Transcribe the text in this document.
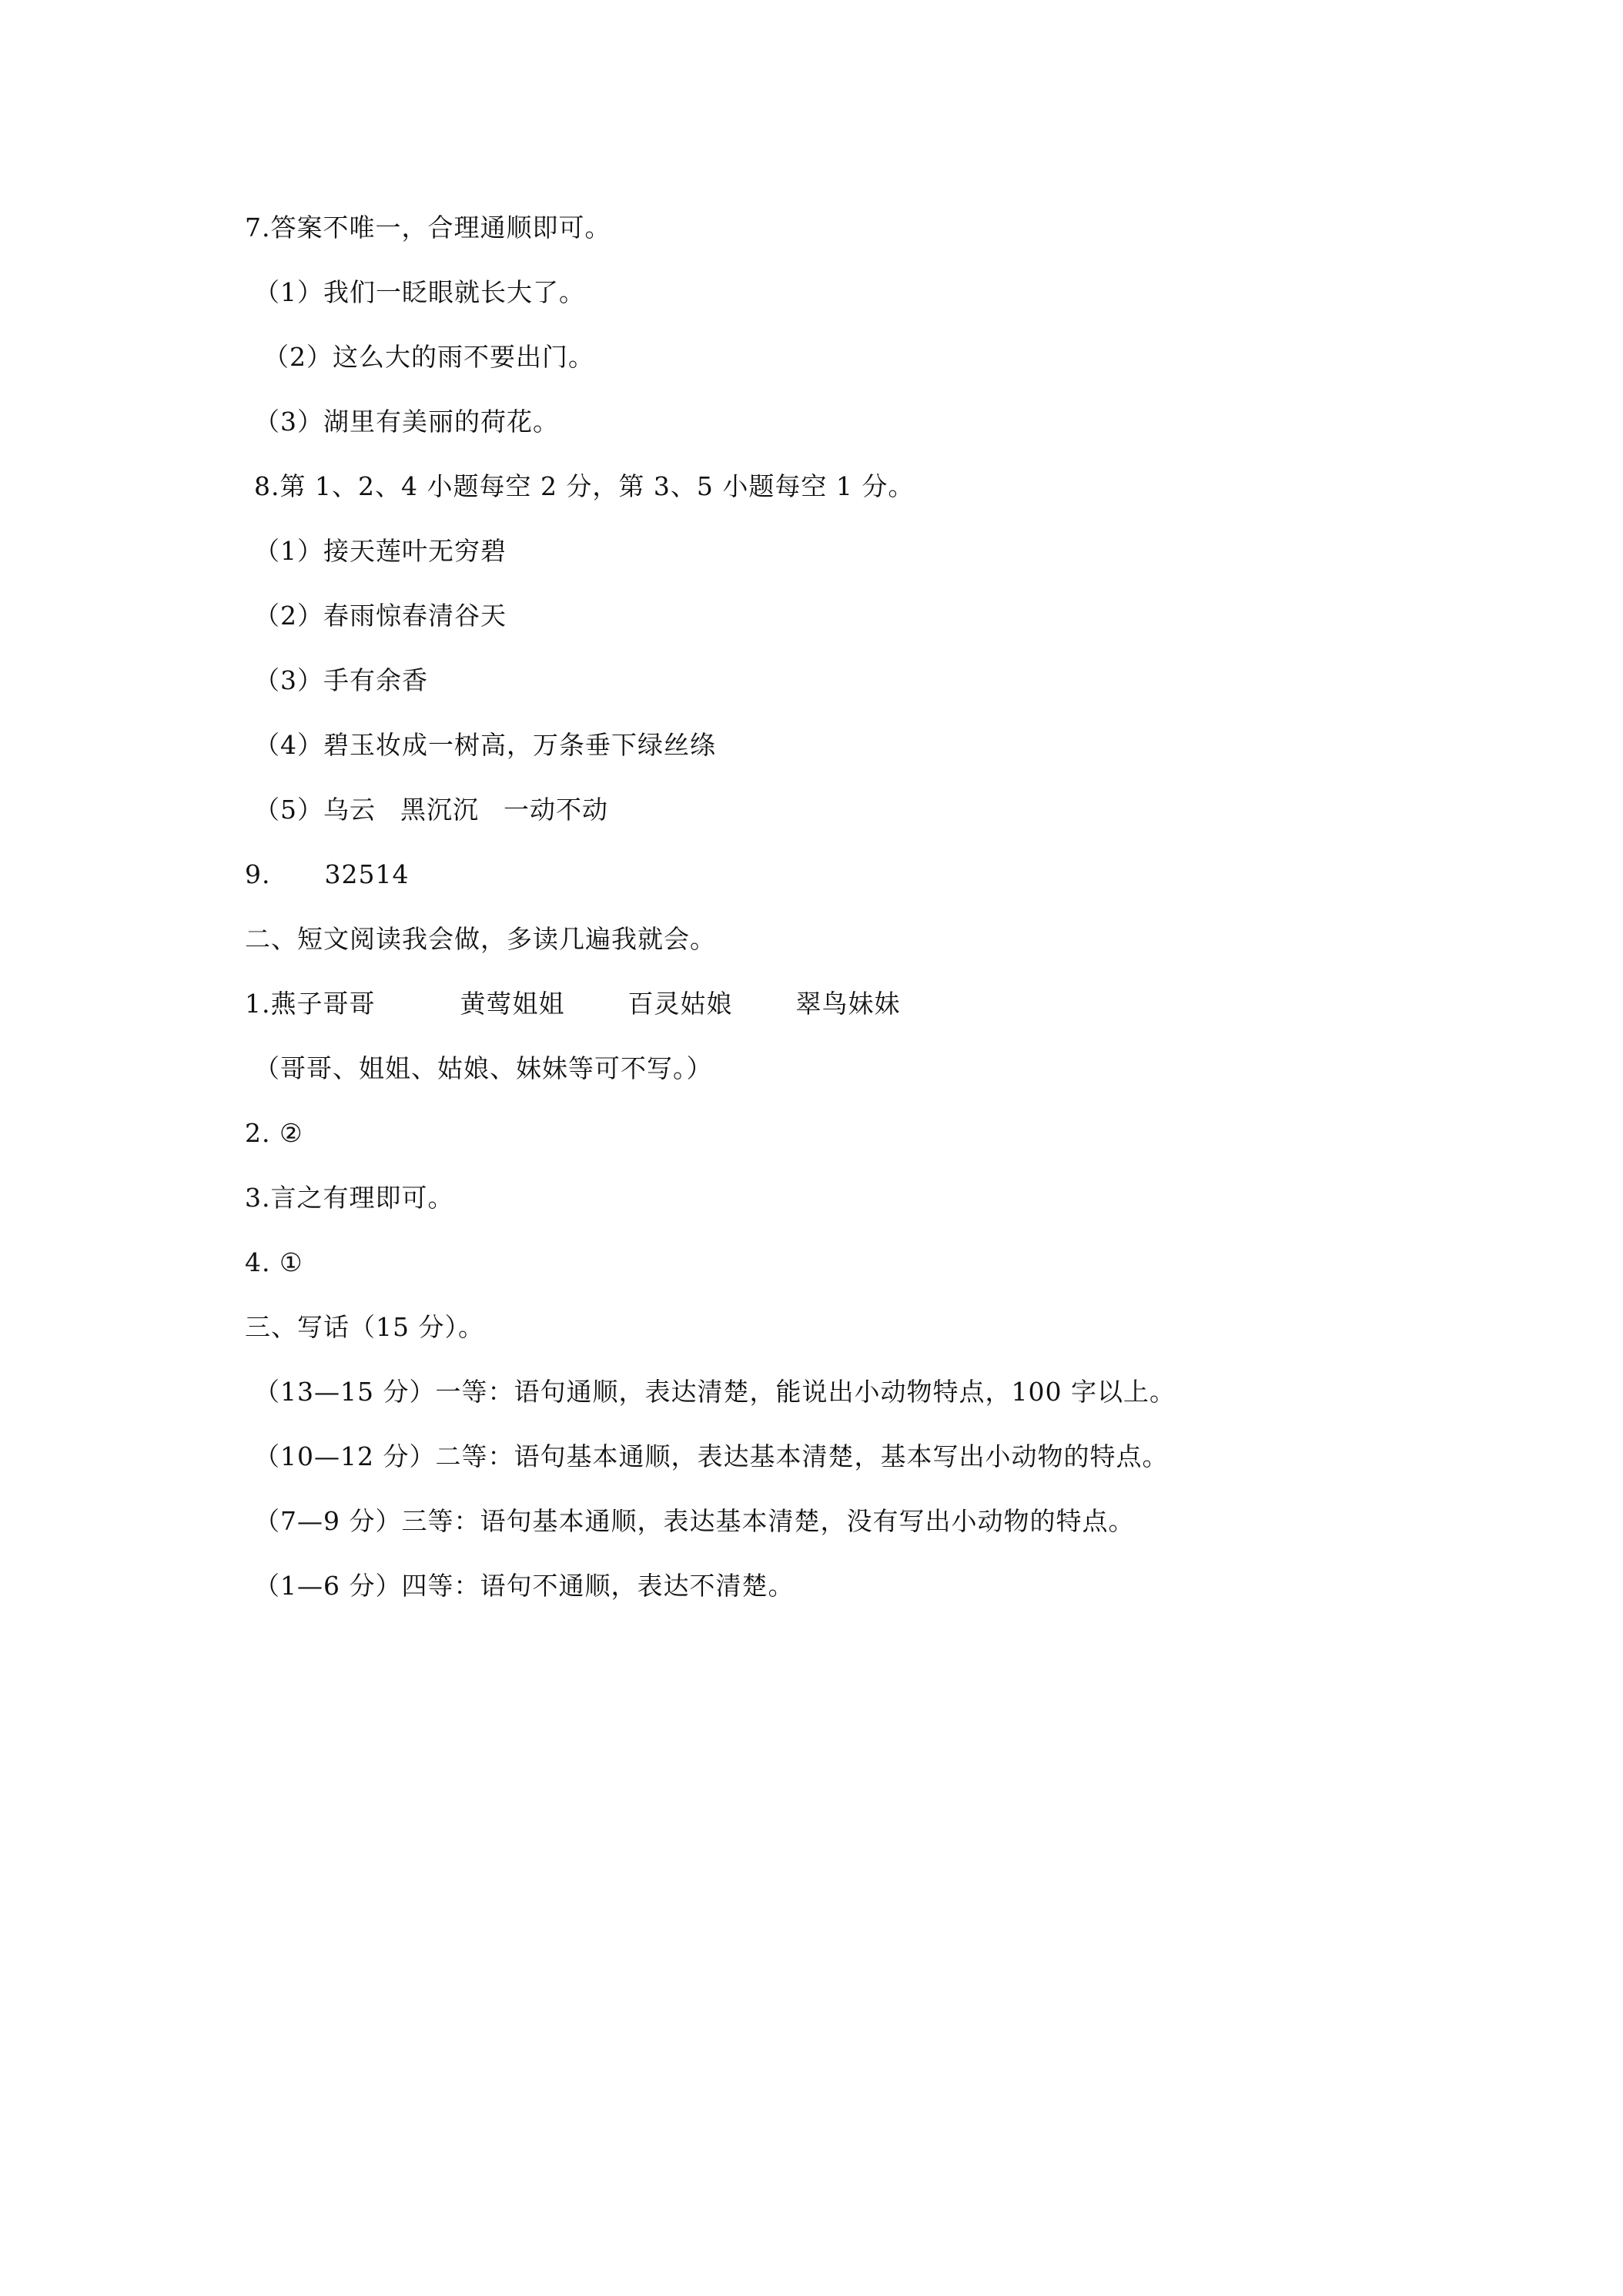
7.答案不唯一，合理通顺即可。
（1）我们一眨眼就长大了。
（2）这么大的雨不要出门。
（3）湖里有美丽的荷花。
8.第 1、2、4 小题每空 2 分，第 3、5 小题每空 1 分。
（1）接天莲叶无穷碧
（2）春雨惊春清谷天
（3）手有余香
（4）碧玉妆成一树高，万条垂下绿丝绦
（5）乌云 黑沉沉 一动不动
9. 32514
二、短文阅读我会做，多读几遍我就会。
1.燕子哥哥	黄莺姐姐 百灵姑娘 翠鸟妹妹
（哥哥、姐姐、姑娘、妹妹等可不写。）
2. ②
3.言之有理即可。
4. ①
三、写话（15 分）。
（13—15 分）一等：语句通顺，表达清楚，能说出小动物特点，100 字以上。
（10—12 分）二等：语句基本通顺，表达基本清楚，基本写出小动物的特点。
（7—9 分）三等：语句基本通顺，表达基本清楚，没有写出小动物的特点。
（1—6 分）四等：语句不通顺，表达不清楚。
